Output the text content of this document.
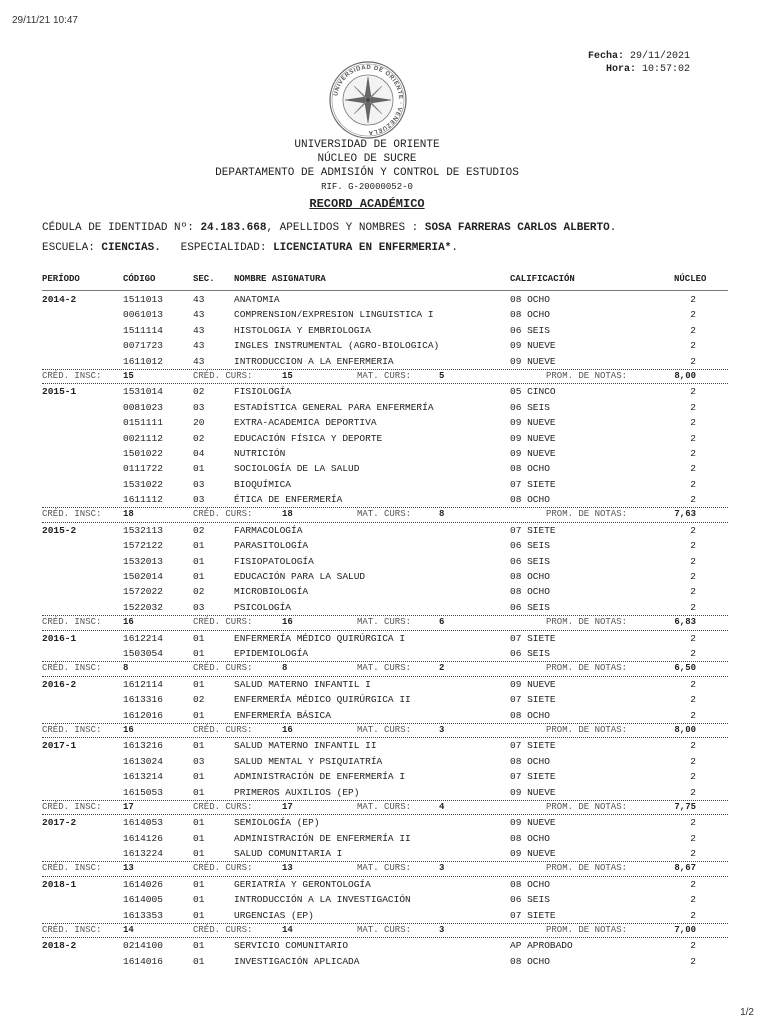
29/11/21 10:47
Fecha: 29/11/2021
Hora: 10:57:02
UNIVERSIDAD DE ORIENTE · VENEZUELA
UNIVERSIDAD DE ORIENTE
NÚCLEO DE SUCRE
DEPARTAMENTO DE ADMISIÓN Y CONTROL DE ESTUDIOS
RIF. G-20000052-0
RECORD ACADÉMICO
CÉDULA DE IDENTIDAD Nº: 24.183.668, APELLIDOS Y NOMBRES : SOSA FARRERAS CARLOS ALBERTO.
ESCUELA: CIENCIAS. ESPECIALIDAD: LICENCIATURA EN ENFERMERIA*.
PERÍODO	CÓDIGO	SEC. NOMBRE ASIGNATURA	CALIFICACIÓN	NÚCLEO
2014-2	1511013	43	ANATOMIA	08 OCHO	2
0061013	43	COMPRENSION/EXPRESION LINGUISTICA I	08 OCHO	2
1511114	43	HISTOLOGIA Y EMBRIOLOGIA	06 SEIS	2
0071723	43	INGLES INSTRUMENTAL (AGRO-BIOLOGICA)	09 NUEVE	2
1611012	43	INTRODUCCION A LA ENFERMERIA	09 NUEVE	2
CRÉD. INSC: 15	CRÉD. CURS:	15	MAT. CURS:	5	PROM. DE NOTAS:	8,00
2015-1	1531014	02	FISIOLOGÍA	05 CINCO	2
0081023	03	ESTADÍSTICA GENERAL PARA ENFERMERÍA	06 SEIS	2
0151111	20	EXTRA-ACADEMICA DEPORTIVA	09 NUEVE	2
0021112	02	EDUCACIÓN FÍSICA Y DEPORTE	09 NUEVE	2
1501022	04	NUTRICIÓN	09 NUEVE	2
0111722	01	SOCIOLOGÍA DE LA SALUD	08 OCHO	2
1531022	03	BIOQUÍMICA	07 SIETE	2
1611112	03	ÉTICA DE ENFERMERÍA	08 OCHO	2
CRÉD. INSC: 18	CRÉD. CURS:	18	MAT. CURS:	8	PROM. DE NOTAS:	7,63
2015-2	1532113	02	FARMACOLOGÍA	07 SIETE	2
1572122	01	PARASITOLOGÍA	06 SEIS	2
1532013	01	FISIOPATOLOGÍA	06 SEIS	2
1502014	01	EDUCACIÓN PARA LA SALUD	08 OCHO	2
1572022	02	MICROBIOLOGÍA	08 OCHO	2
1522032	03	PSICOLOGÍA	06 SEIS	2
CRÉD. INSC: 16	CRÉD. CURS:	16	MAT. CURS:	6	PROM. DE NOTAS:	6,83
2016-1	1612214	01	ENFERMERÍA MÉDICO QUIRÚRGICA I	07 SIETE	2
1503054	01	EPIDEMIOLOGÍA	06 SEIS	2
CRÉD. INSC: 8	CRÉD. CURS:	8	MAT. CURS:	2	PROM. DE NOTAS:	6,50
2016-2	1612114	01	SALUD MATERNO INFANTIL I	09 NUEVE	2
1613316	02	ENFERMERÍA MÉDICO QUIRÚRGICA II	07 SIETE	2
1612016	01	ENFERMERÍA BÁSICA	08 OCHO	2
CRÉD. INSC: 16	CRÉD. CURS:	16	MAT. CURS:	3	PROM. DE NOTAS:	8,00
2017-1	1613216	01	SALUD MATERNO INFANTIL II	07 SIETE	2
1613024	03	SALUD MENTAL Y PSIQUIATRÍA	08 OCHO	2
1613214	01	ADMINISTRACIÓN DE ENFERMERÍA I	07 SIETE	2
1615053	01	PRIMEROS AUXILIOS (EP)	09 NUEVE	2
CRÉD. INSC: 17	CRÉD. CURS:	17	MAT. CURS:	4	PROM. DE NOTAS:	7,75
2017-2	1614053	01	SEMIOLOGÍA (EP)	09 NUEVE	2
1614126	01	ADMINISTRACIÓN DE ENFERMERÍA II	08 OCHO	2
1613224	01	SALUD COMUNITARIA I	09 NUEVE	2
CRÉD. INSC: 13	CRÉD. CURS:	13	MAT. CURS:	3	PROM. DE NOTAS:	8,67
2018-1	1614026	01	GERIATRÍA Y GERONTOLOGÍA	08 OCHO	2
1614005	01	INTRODUCCIÓN A LA INVESTIGACIÓN	06 SEIS	2
1613353	01	URGENCIAS (EP)	07 SIETE	2
CRÉD. INSC: 14	CRÉD. CURS:	14	MAT. CURS:	3	PROM. DE NOTAS:	7,00
2018-2	0214100	01	SERVICIO COMUNITARIO	AP APROBADO	2
1614016	01	INVESTIGACIÓN APLICADA	08 OCHO	2
1/2
